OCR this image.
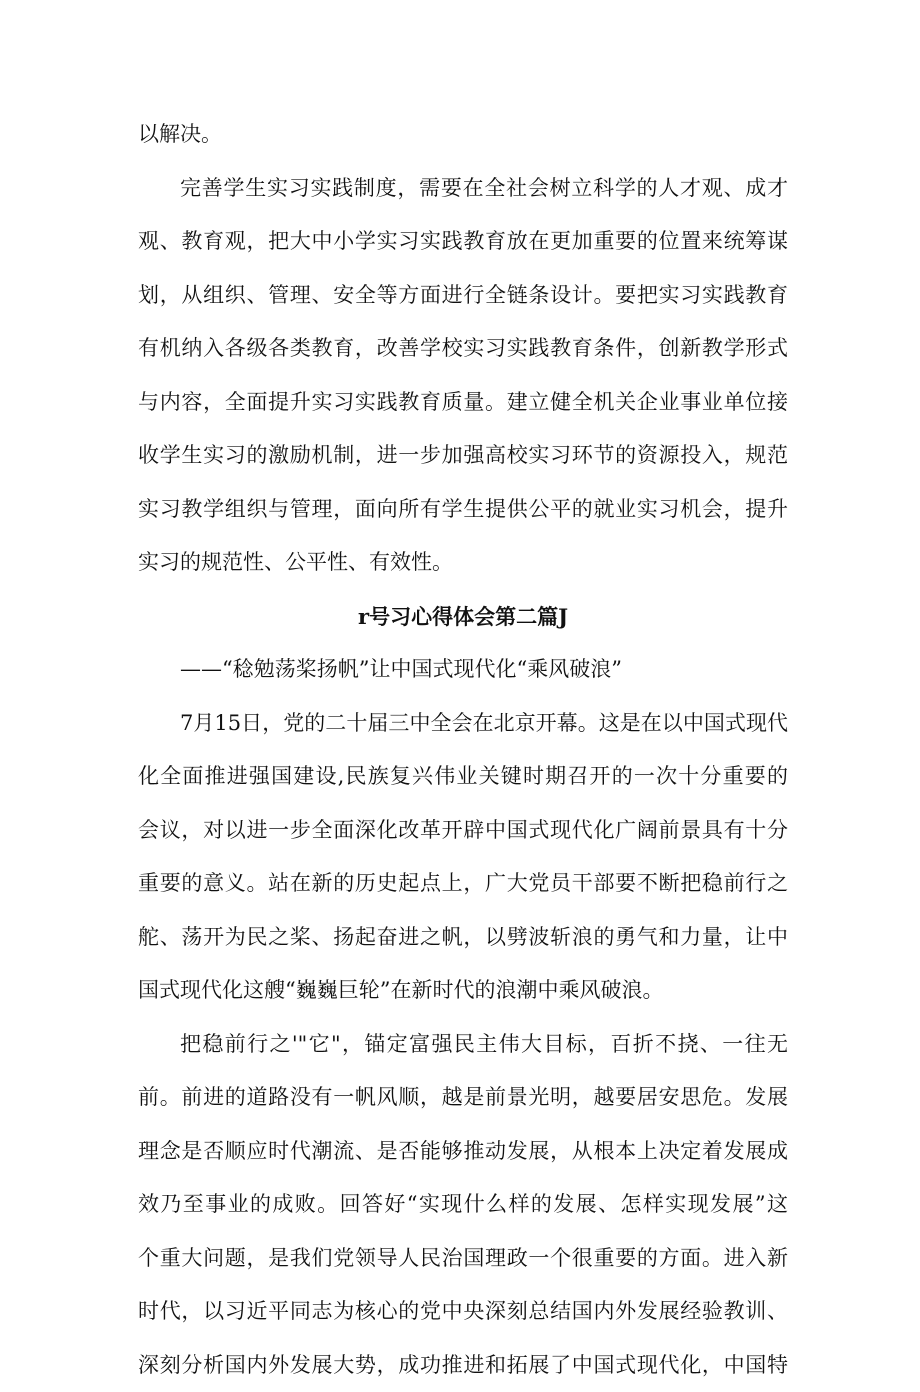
以解决。
完善学生实习实践制度，需要在全社会树立科学的人才观、成才
观、教育观，把大中小学实习实践教育放在更加重要的位置来统筹谋
划，从组织、管理、安全等方面进行全链条设计。要把实习实践教育
有机纳入各级各类教育，改善学校实习实践教育条件，创新教学形式
与内容，全面提升实习实践教育质量。建立健全机关企业事业单位接
收学生实习的激励机制，进一步加强高校实习环节的资源投入，规范
实习教学组织与管理，面向所有学生提供公平的就业实习机会，提升
实习的规范性、公平性、有效性。
r号习心得体会第二篇J
——“稔勉荡桨扬帆”让中国式现代化“乘风破浪”
7月15日，党的二十届三中全会在北京开幕。这是在以中国式现代
化全面推进强国建设,民族复兴伟业关键时期召开的一次十分重要的
会议，对以进一步全面深化改革开辟中国式现代化广阔前景具有十分
重要的意义。站在新的历史起点上，广大党员干部要不断把稳前行之
舵、荡开为民之桨、扬起奋进之帆，以劈波斩浪的勇气和力量，让中
国式现代化这艘“巍巍巨轮”在新时代的浪潮中乘风破浪。
把稳前行之'"它"，锚定富强民主伟大目标，百折不挠、一往无
前。前进的道路没有一帆风顺，越是前景光明，越要居安思危。发展
理念是否顺应时代潮流、是否能够推动发展，从根本上决定着发展成
效乃至事业的成败。回答好“实现什么样的发展、怎样实现发展”这
个重大问题，是我们党领导人民治国理政一个很重要的方面。进入新
时代，以习近平同志为核心的党中央深刻总结国内外发展经验教训、
深刻分析国内外发展大势，成功推进和拓展了中国式现代化，中国特
